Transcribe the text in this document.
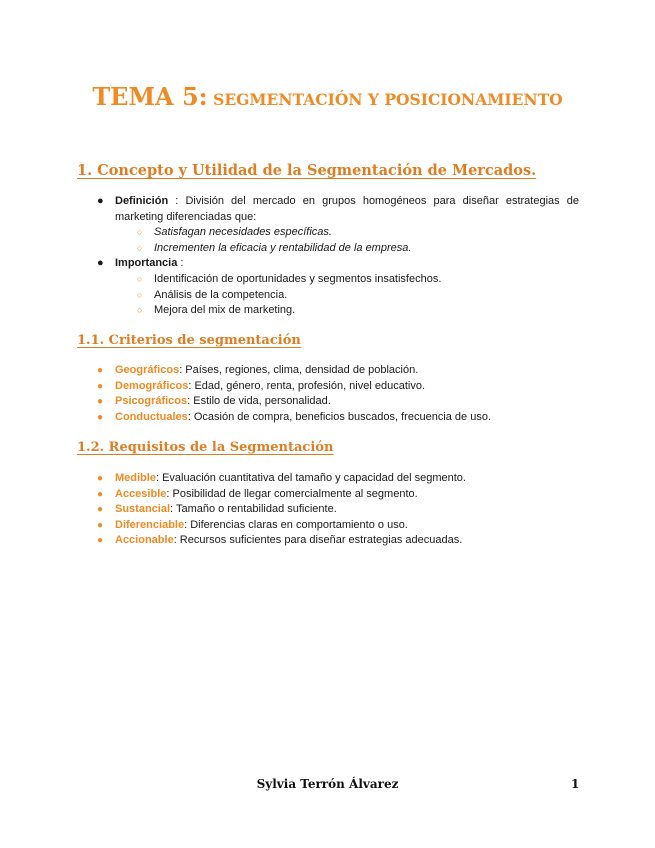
TEMA 5: SEGMENTACIÓN Y POSICIONAMIENTO
1. Concepto y Utilidad de la Segmentación de Mercados.
● Definición : División del mercado en grupos homogéneos para diseñar estrategias de marketing diferenciadas que:
○ Satisfagan necesidades específicas.
○ Incrementen la eficacia y rentabilidad de la empresa.
● Importancia :
○ Identificación de oportunidades y segmentos insatisfechos.
○ Análisis de la competencia.
○ Mejora del mix de marketing.
1.1. Criterios de segmentación
● Geográficos: Países, regiones, clima, densidad de población.
● Demográficos: Edad, género, renta, profesión, nivel educativo.
● Psicográficos: Estilo de vida, personalidad.
● Conductuales: Ocasión de compra, beneficios buscados, frecuencia de uso.
1.2. Requisitos de la Segmentación
● Medible: Evaluación cuantitativa del tamaño y capacidad del segmento.
● Accesible: Posibilidad de llegar comercialmente al segmento.
● Sustancial: Tamaño o rentabilidad suficiente.
● Diferenciable: Diferencias claras en comportamiento o uso.
● Accionable: Recursos suficientes para diseñar estrategias adecuadas.
Sylvia Terrón Álvarez	1
